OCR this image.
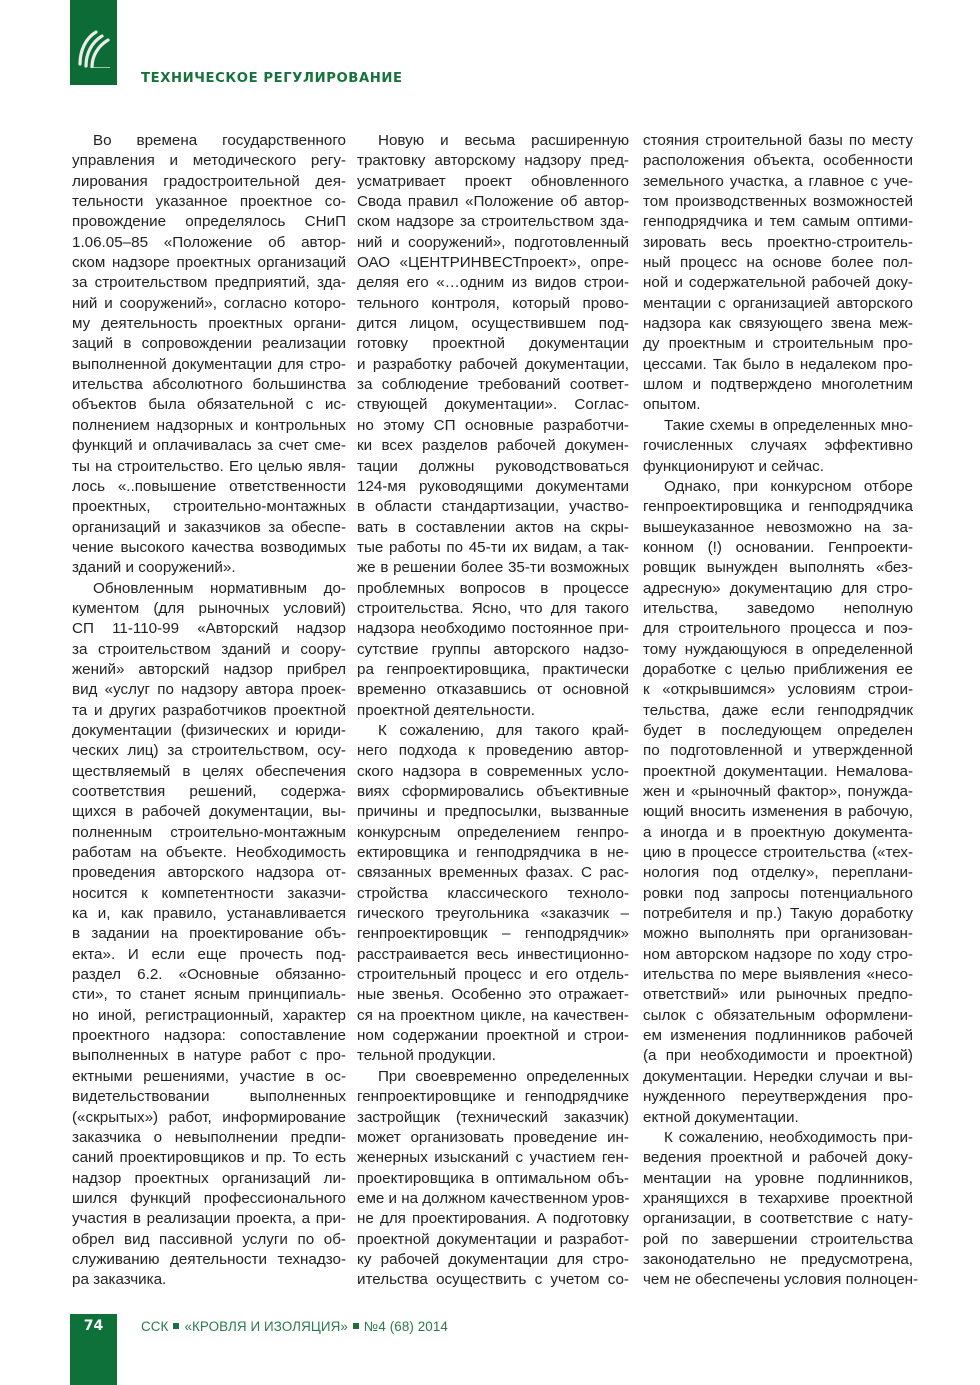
ТЕХНИЧЕСКОЕ РЕГУЛИРОВАНИЕ
Во времена государственного
управления и методического регу-
лирования градостроительной дея-
тельности указанное проектное со-
провождение определялось СНиП
1.06.05–85 «Положение об автор-
ском надзоре проектных организаций
за строительством предприятий, зда-
ний и сооружений», согласно которо-
му деятельность проектных органи-
заций в сопровождении реализации
выполненной документации для стро-
ительства абсолютного большинства
объектов была обязательной с ис-
полнением надзорных и контрольных
функций и оплачивалась за счет сме-
ты на строительство. Его целью явля-
лось «..повышение ответственности
проектных, строительно-монтажных
организаций и заказчиков за обеспе-
чение высокого качества возводимых
зданий и сооружений».
Обновленным нормативным до-
кументом (для рыночных условий)
СП 11-110-99 «Авторский надзор
за строительством зданий и соору-
жений» авторский надзор прибрел
вид «услуг по надзору автора проек-
та и других разработчиков проектной
документации (физических и юриди-
ческих лиц) за строительством, осу-
ществляемый в целях обеспечения
соответствия решений, содержа-
щихся в рабочей документации, вы-
полненным строительно-монтажным
работам на объекте. Необходимость
проведения авторского надзора от-
носится к компетентности заказчи-
ка и, как правило, устанавливается
в задании на проектирование объ-
екта». И если еще прочесть под-
раздел 6.2. «Основные обязанно-
сти», то станет ясным принципиаль-
но иной, регистрационный, характер
проектного надзора: сопоставление
выполненных в натуре работ с про-
ектными решениями, участие в ос-
видетельствовании выполненных
(«скрытых») работ, информирование
заказчика о невыполнении предпи-
саний проектировщиков и пр. То есть
надзор проектных организаций ли-
шился функций профессионального
участия в реализации проекта, а при-
обрел вид пассивной услуги по об-
служиванию деятельности технадзо-
ра заказчика.
Новую и весьма расширенную
трактовку авторскому надзору пред-
усматривает проект обновленного
Свода правил «Положение об автор-
ском надзоре за строительством зда-
ний и сооружений», подготовленный
ОАО «ЦЕНТРИНВЕСТпроект», опре-
деляя его «…одним из видов строи-
тельного контроля, который прово-
дится лицом, осуществившем под-
готовку проектной документации
и разработку рабочей документации,
за соблюдение требований соответ-
ствующей документации». Соглас-
но этому СП основные разработчи-
ки всех разделов рабочей докумен-
тации должны руководствоваться
124-мя руководящими документами
в области стандартизации, участво-
вать в составлении актов на скры-
тые работы по 45-ти их видам, а так-
же в решении более 35-ти возможных
проблемных вопросов в процессе
строительства. Ясно, что для такого
надзора необходимо постоянное при-
сутствие группы авторского надзо-
ра генпроектировщика, практически
временно отказавшись от основной
проектной деятельности.
К сожалению, для такого край-
него подхода к проведению автор-
ского надзора в современных усло-
виях сформировались объективные
причины и предпосылки, вызванные
конкурсным определением генпро-
ектировщика и генподрядчика в не-
связанных временных фазах. С рас-
стройства классического техноло-
гического треугольника «заказчик –
генпроектировщик – генподрядчик»
расстраивается весь инвестиционно-
строительный процесс и его отдель-
ные звенья. Особенно это отражает-
ся на проектном цикле, на качествен-
ном содержании проектной и строи-
тельной продукции.
При своевременно определенных
генпроектировщике и генподрядчике
застройщик (технический заказчик)
может организовать проведение ин-
женерных изысканий с участием ген-
проектировщика в оптимальном объ-
еме и на должном качественном уров-
не для проектирования. А подготовку
проектной документации и разработ-
ку рабочей документации для стро-
ительства осуществить с учетом со-
стояния строительной базы по месту
расположения объекта, особенности
земельного участка, а главное с уче-
том производственных возможностей
генподрядчика и тем самым оптими-
зировать весь проектно-строитель-
ный процесс на основе более пол-
ной и содержательной рабочей доку-
ментации с организацией авторского
надзора как связующего звена меж-
ду проектным и строительным про-
цессами. Так было в недалеком про-
шлом и подтверждено многолетним
опытом.
Такие схемы в определенных мно-
гочисленных случаях эффективно
функционируют и сейчас.
Однако, при конкурсном отборе
генпроектировщика и генподрядчика
вышеуказанное невозможно на за-
конном (!) основании. Генпроекти-
ровщик вынужден выполнять «без-
адресную» документацию для стро-
ительства, заведомо неполную
для строительного процесса и поэ-
тому нуждающуюся в определенной
доработке с целью приближения ее
к «открывшимся» условиям строи-
тельства, даже если генподрядчик
будет в последующем определен
по подготовленной и утвержденной
проектной документации. Немалова-
жен и «рыночный фактор», понужда-
ющий вносить изменения в рабочую,
а иногда и в проектную документа-
цию в процессе строительства («тех-
нология под отделку», переплани-
ровки под запросы потенциального
потребителя и пр.) Такую доработку
можно выполнять при организован-
ном авторском надзоре по ходу стро-
ительства по мере выявления «несо-
ответствий» или рыночных предпо-
сылок с обязательным оформлени-
ем изменения подлинников рабочей
(а при необходимости и проектной)
документации. Нередки случаи и вы-
нужденного переутверждения про-
ектной документации.
К сожалению, необходимость при-
ведения проектной и рабочей доку-
ментации на уровне подлинников,
хранящихся в техархиве проектной
организации, в соответствие с нату-
рой по завершении строительства
законодательно не предусмотрена,
чем не обеспечены условия полноцен-
74	ССК «КРОВЛЯ И ИЗОЛЯЦИЯ» №4 (68) 2014
